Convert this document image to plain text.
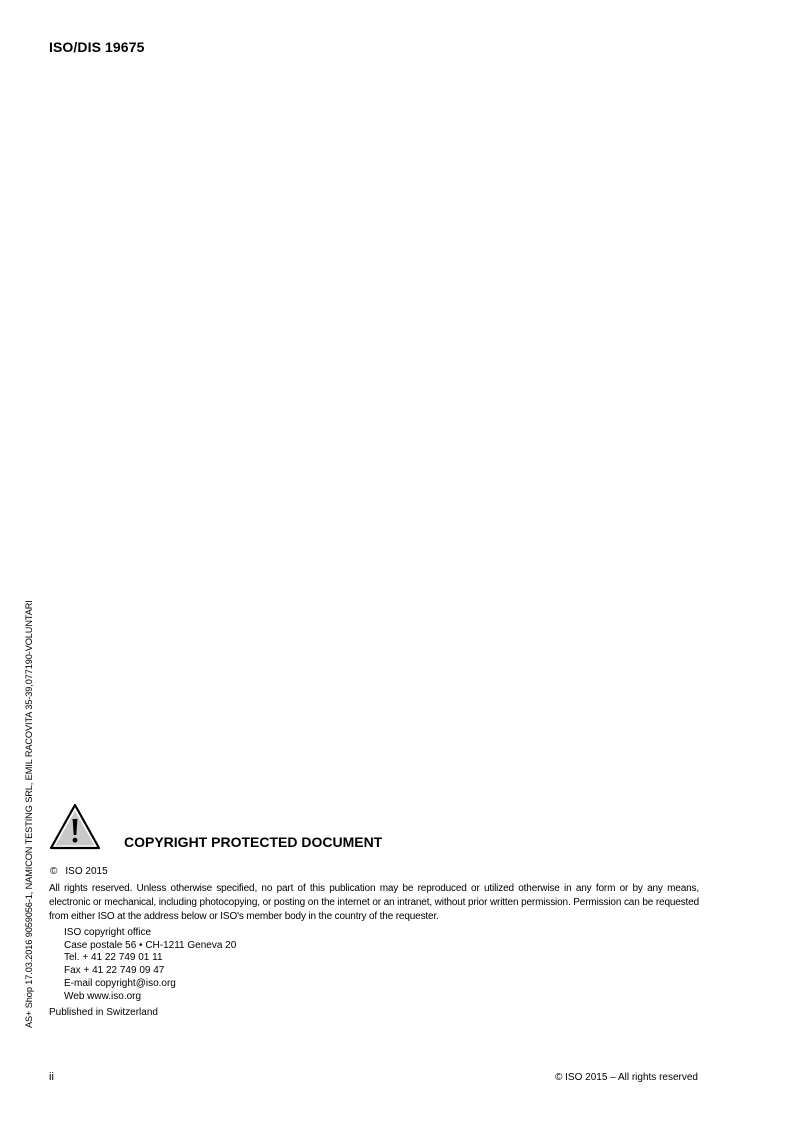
ISO/DIS 19675
AS+ Shop 17.03.2016 9059056-1, NAMICON TESTING SRL, EMIL RACOVITA 35-39,077190-VOLUNTARI	COPYRIGHT PROTECTED DOCUMENT
© ISO 2015
All rights reserved. Unless otherwise specified, no part of this publication may be reproduced or utilized otherwise in any form or by any means, electronic or mechanical, including photocopying, or posting on the internet or an intranet, without prior written permission. Permission can be requested from either ISO at the address below or ISO's member body in the country of the requester.
ISO copyright office
Case postale 56 • CH-1211 Geneva 20
Tel. + 41 22 749 01 11
Fax + 41 22 749 09 47
E-mail copyright@iso.org
Web www.iso.org
Published in Switzerland
ii	© ISO 2015 – All rights reserved
